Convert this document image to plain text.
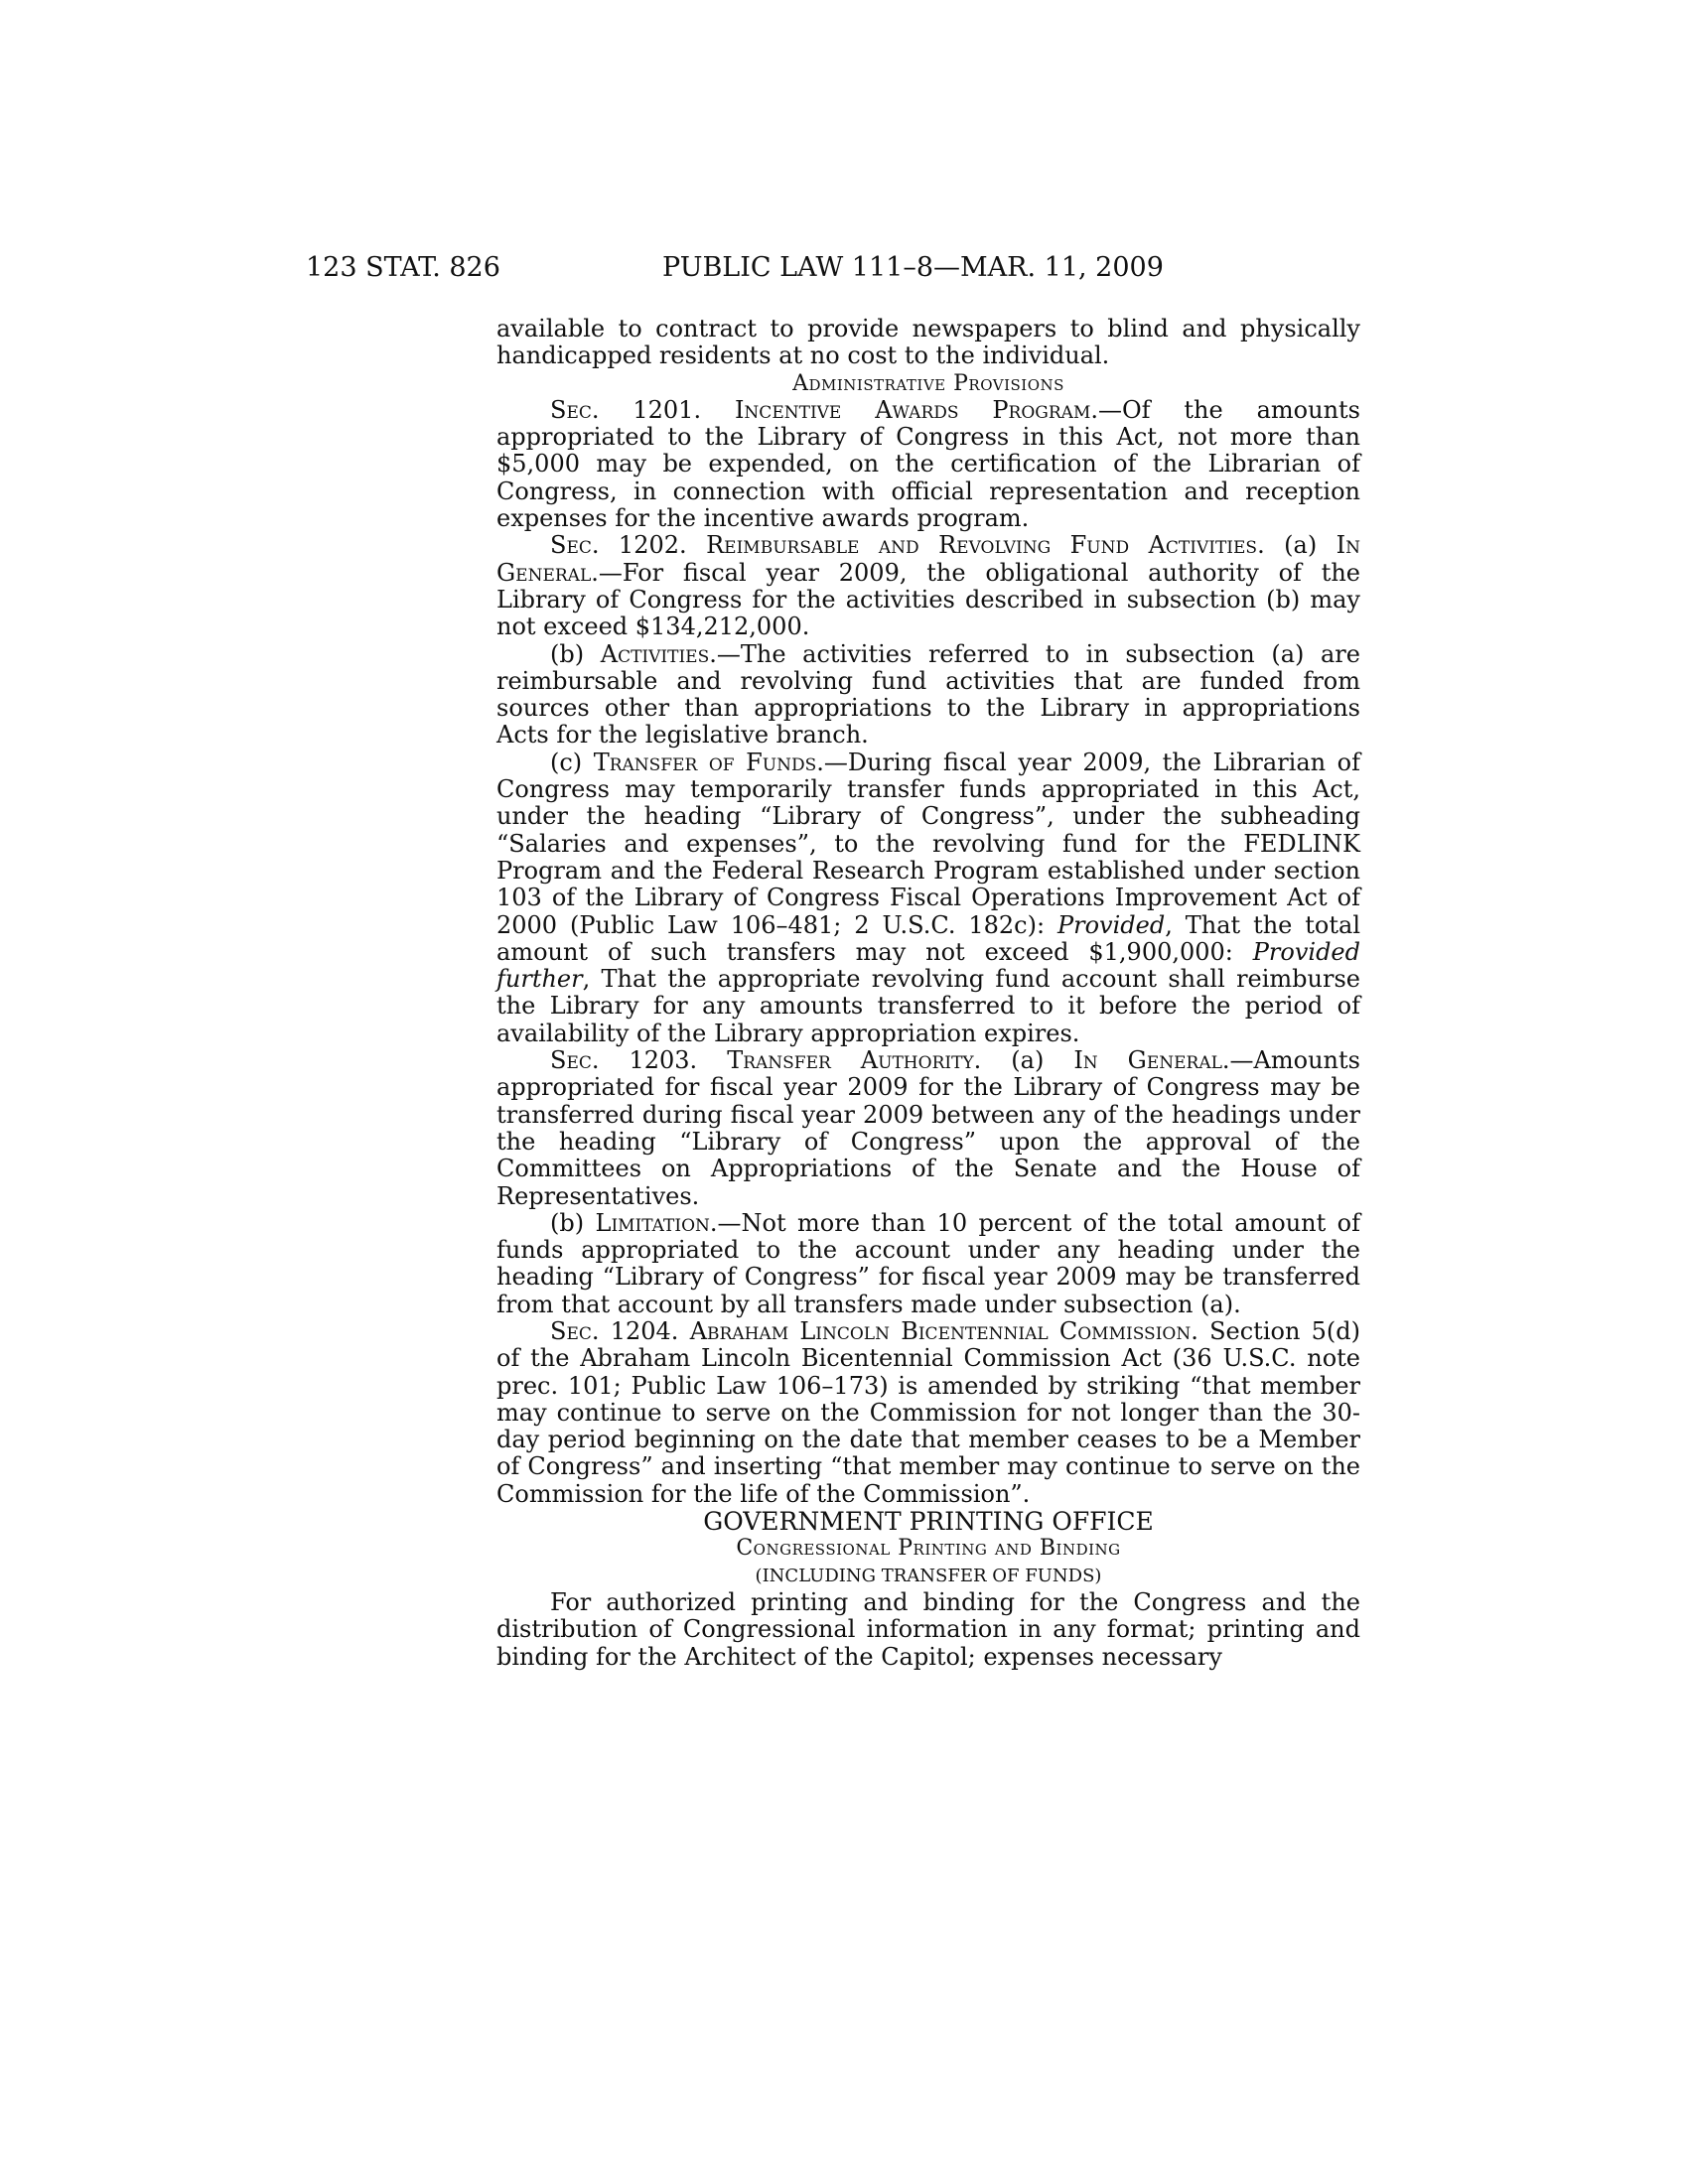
123 STAT. 826	PUBLIC LAW 111–8—MAR. 11, 2009

available to contract to provide newspapers to blind and physically handicapped residents at no cost to the individual.

Administrative Provisions

Sec. 1201. Incentive Awards Program.—Of the amounts appropriated to the Library of Congress in this Act, not more than $5,000 may be expended, on the certification of the Librarian of Congress, in connection with official representation and reception expenses for the incentive awards program.

Sec. 1202. Reimbursable and Revolving Fund Activities. (a) In General.—For fiscal year 2009, the obligational authority of the Library of Congress for the activities described in subsection (b) may not exceed $134,212,000.

(b) Activities.—The activities referred to in subsection (a) are reimbursable and revolving fund activities that are funded from sources other than appropriations to the Library in appropriations Acts for the legislative branch.

(c) Transfer of Funds.—During fiscal year 2009, the Librarian of Congress may temporarily transfer funds appropriated in this Act, under the heading “Library of Congress”, under the subheading “Salaries and expenses”, to the revolving fund for the FEDLINK Program and the Federal Research Program established under section 103 of the Library of Congress Fiscal Operations Improvement Act of 2000 (Public Law 106–481; 2 U.S.C. 182c): Provided, That the total amount of such transfers may not exceed $1,900,000: Provided further, That the appropriate revolving fund account shall reimburse the Library for any amounts transferred to it before the period of availability of the Library appropriation expires.

Sec. 1203. Transfer Authority. (a) In General.—Amounts appropriated for fiscal year 2009 for the Library of Congress may be transferred during fiscal year 2009 between any of the headings under the heading “Library of Congress” upon the approval of the Committees on Appropriations of the Senate and the House of Representatives.

(b) Limitation.—Not more than 10 percent of the total amount of funds appropriated to the account under any heading under the heading “Library of Congress” for fiscal year 2009 may be transferred from that account by all transfers made under subsection (a).

Sec. 1204. Abraham Lincoln Bicentennial Commission. Section 5(d) of the Abraham Lincoln Bicentennial Commission Act (36 U.S.C. note prec. 101; Public Law 106–173) is amended by striking “that member may continue to serve on the Commission for not longer than the 30-day period beginning on the date that member ceases to be a Member of Congress” and inserting “that member may continue to serve on the Commission for the life of the Commission”.

GOVERNMENT PRINTING OFFICE

Congressional Printing and Binding

(INCLUDING TRANSFER OF FUNDS)

For authorized printing and binding for the Congress and the distribution of Congressional information in any format; printing and binding for the Architect of the Capitol; expenses necessary
